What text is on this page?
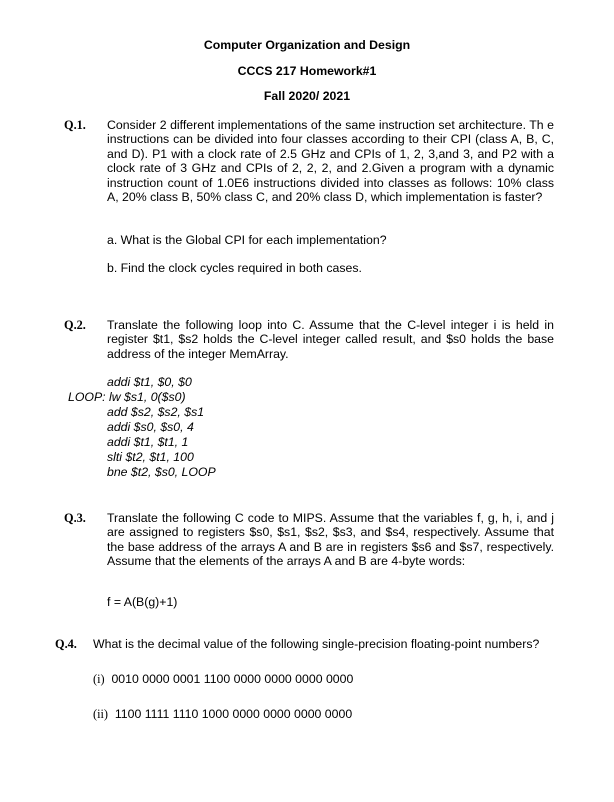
Computer Organization and Design
CCCS 217 Homework#1
Fall 2020/ 2021
Q.1. Consider 2 different implementations of the same instruction set architecture. Th e instructions can be divided into four classes according to their CPI (class A, B, C, and D). P1 with a clock rate of 2.5 GHz and CPIs of 1, 2, 3,and 3, and P2 with a clock rate of 3 GHz and CPIs of 2, 2, 2, and 2.Given a program with a dynamic instruction count of 1.0E6 instructions divided into classes as follows: 10% class A, 20% class B, 50% class C, and 20% class D, which implementation is faster?
a. What is the Global CPI for each implementation?
b. Find the clock cycles required in both cases.
Q.2. Translate the following loop into C. Assume that the C-level integer i is held in register $t1, $s2 holds the C-level integer called result, and $s0 holds the base address of the integer MemArray.
addi $t1, $0, $0
LOOP: lw $s1, 0($s0)
add $s2, $s2, $s1
addi $s0, $s0, 4
addi $t1, $t1, 1
slti $t2, $t1, 100
bne $t2, $s0, LOOP
Q.3. Translate the following C code to MIPS. Assume that the variables f, g, h, i, and j are assigned to registers $s0, $s1, $s2, $s3, and $s4, respectively. Assume that the base address of the arrays A and B are in registers $s6 and $s7, respectively. Assume that the elements of the arrays A and B are 4-byte words:
f = A(B(g)+1)
Q.4. What is the decimal value of the following single-precision floating-point numbers?
(i) 0010 0000 0001 1100 0000 0000 0000 0000
(ii) 1100 1111 1110 1000 0000 0000 0000 0000
